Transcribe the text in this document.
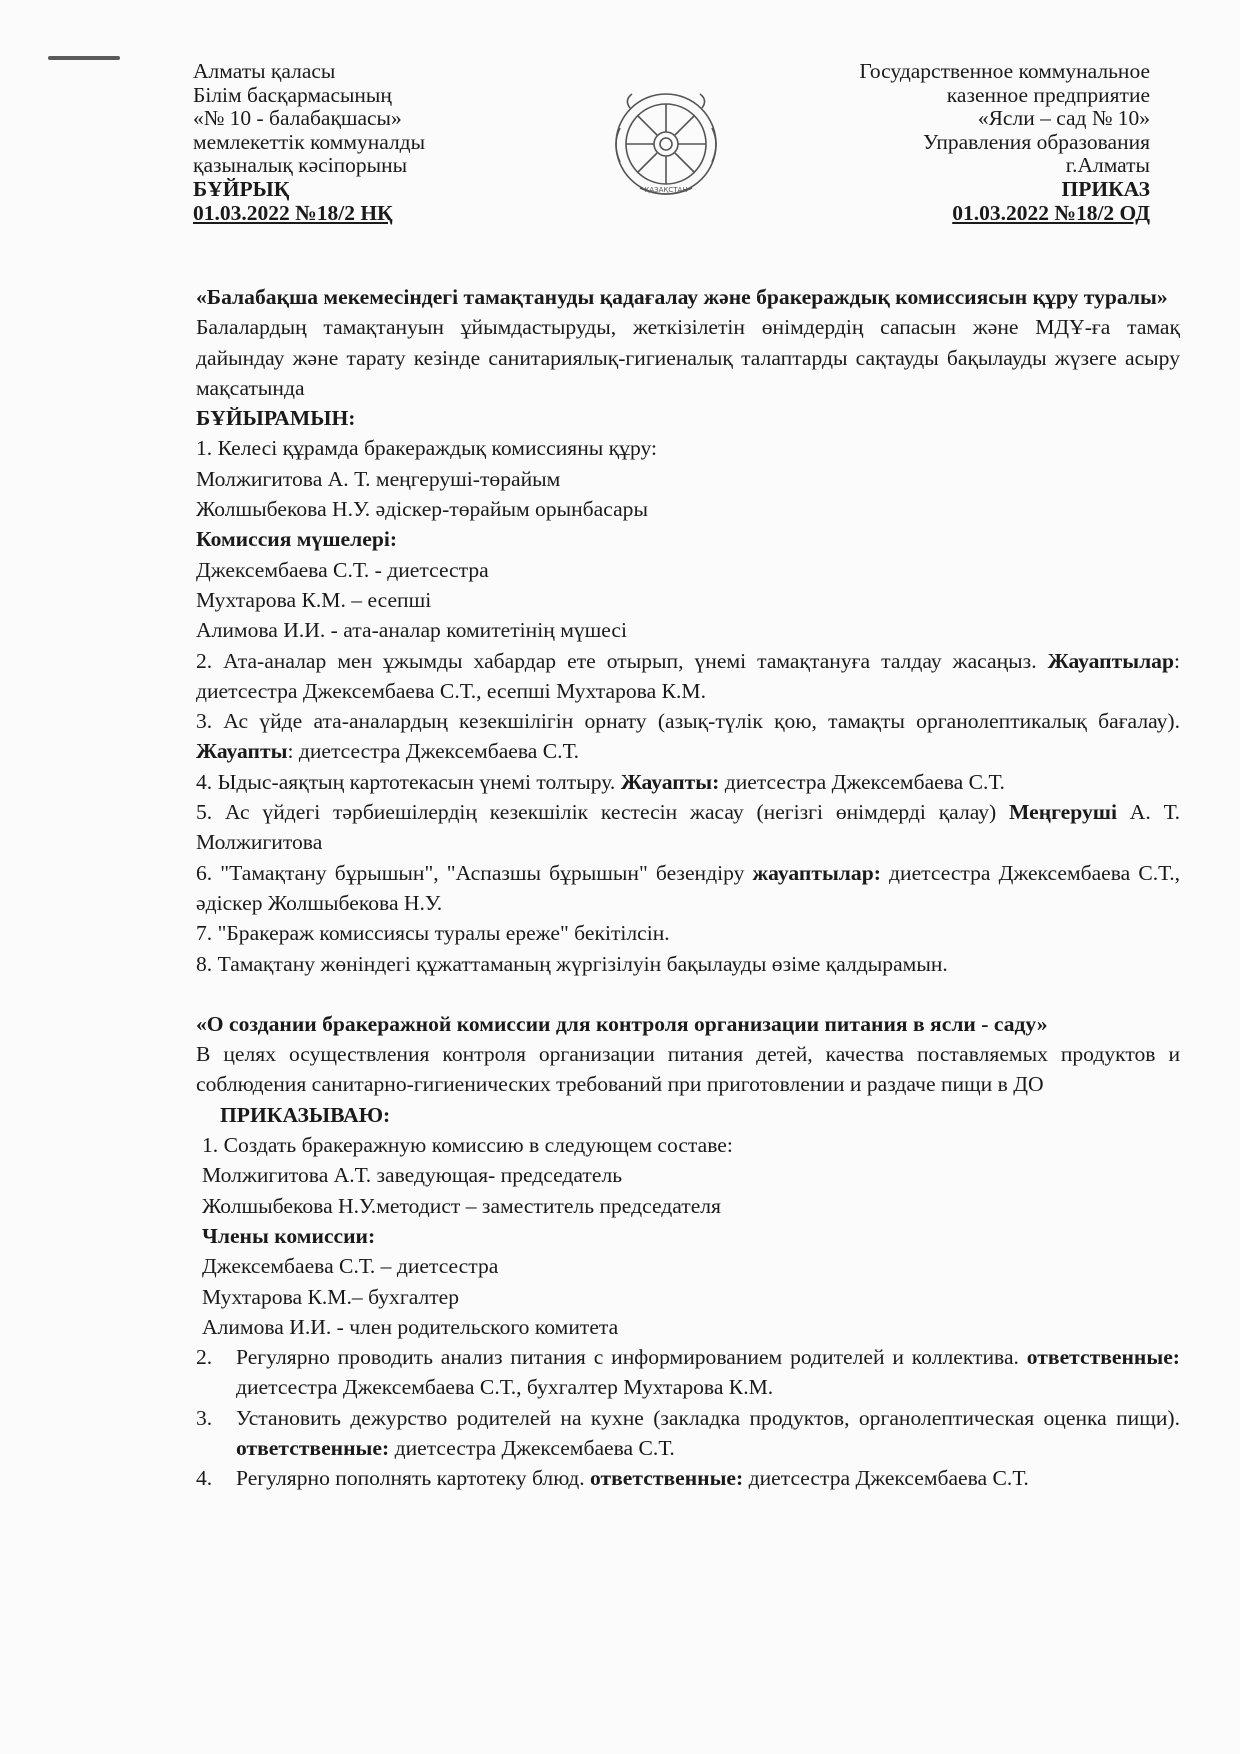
Алматы қаласы
Білім басқармасының
«№ 10 - балабақшасы»
мемлекеттік коммуналды
қазыналық кәсіпорыны
БҰЙРЫҚ
01.03.2022 №18/2 НҚ
ҚАЗАҚСТАН
Государственное коммунальное
казенное предприятие
«Ясли – сад № 10»
Управления образования
г.Алматы
ПРИКАЗ
01.03.2022 №18/2 ОД

«Балабақша мекемесіндегі тамақтануды қадағалау және бракераждық комиссиясын құру туралы»

Балалардың тамақтануын ұйымдастыруды, жеткізілетін өнімдердің сапасын және МДҰ-ға тамақ дайындау және тарату кезінде санитариялық-гигиеналық талаптарды сақтауды бақылауды жүзеге асыру мақсатында

БҰЙЫРАМЫН:

1. Келесі құрамда бракераждық комиссияны құру:

Молжигитова А. Т. меңгеруші-төрайым

Жолшыбекова Н.У. әдіскер-төрайым орынбасары

Комиссия мүшелері:

Джексембаева С.Т. - диетсестра

Мухтарова К.М. – есепші

Алимова И.И. - ата-аналар комитетінің мүшесі

2. Ата-аналар мен ұжымды хабардар ете отырып, үнемі тамақтануға талдау жасаңыз. Жауаптылар: диетсестра Джексембаева С.Т., есепші Мухтарова К.М.

3. Ас үйде ата-аналардың кезекшілігін орнату (азық-түлік қою, тамақты органолептикалық бағалау). Жауапты: диетсестра Джексембаева С.Т.

4. Ыдыс-аяқтың картотекасын үнемі толтыру. Жауапты: диетсестра Джексембаева С.Т.

5. Ас үйдегі тәрбиешілердің кезекшілік кестесін жасау (негізгі өнімдерді қалау) Меңгеруші А. Т. Молжигитова

6. "Тамақтану бұрышын", "Аспазшы бұрышын" безендіру жауаптылар: диетсестра Джексембаева С.Т., әдіскер Жолшыбекова Н.У.

7. "Бракераж комиссиясы туралы ереже" бекітілсін.

8. Тамақтану жөніндегі құжаттаманың жүргізілуін бақылауды өзіме қалдырамын.

«О создании бракеражной комиссии для контроля организации питания в ясли - саду»

В целях осуществления контроля организации питания детей, качества поставляемых продуктов и соблюдения санитарно-гигиенических требований при приготовлении и раздаче пищи в ДО

ПРИКАЗЫВАЮ:

1. Создать бракеражную комиссию в следующем составе:

Молжигитова А.Т. заведующая- председатель

Жолшыбекова Н.У.методист – заместитель председателя

Члены комиссии:

Джексембаева С.Т. – диетсестра

Мухтарова К.М.– бухгалтер

Алимова И.И. - член родительского комитета

2. Регулярно проводить анализ питания с информированием родителей и коллектива. ответственные: диетсестра Джексембаева С.Т., бухгалтер Мухтарова К.М.
3. Установить дежурство родителей на кухне (закладка продуктов, органолептическая оценка пищи). ответственные: диетсестра Джексембаева С.Т.
4. Регулярно пополнять картотеку блюд. ответственные: диетсестра Джексембаева С.Т.
